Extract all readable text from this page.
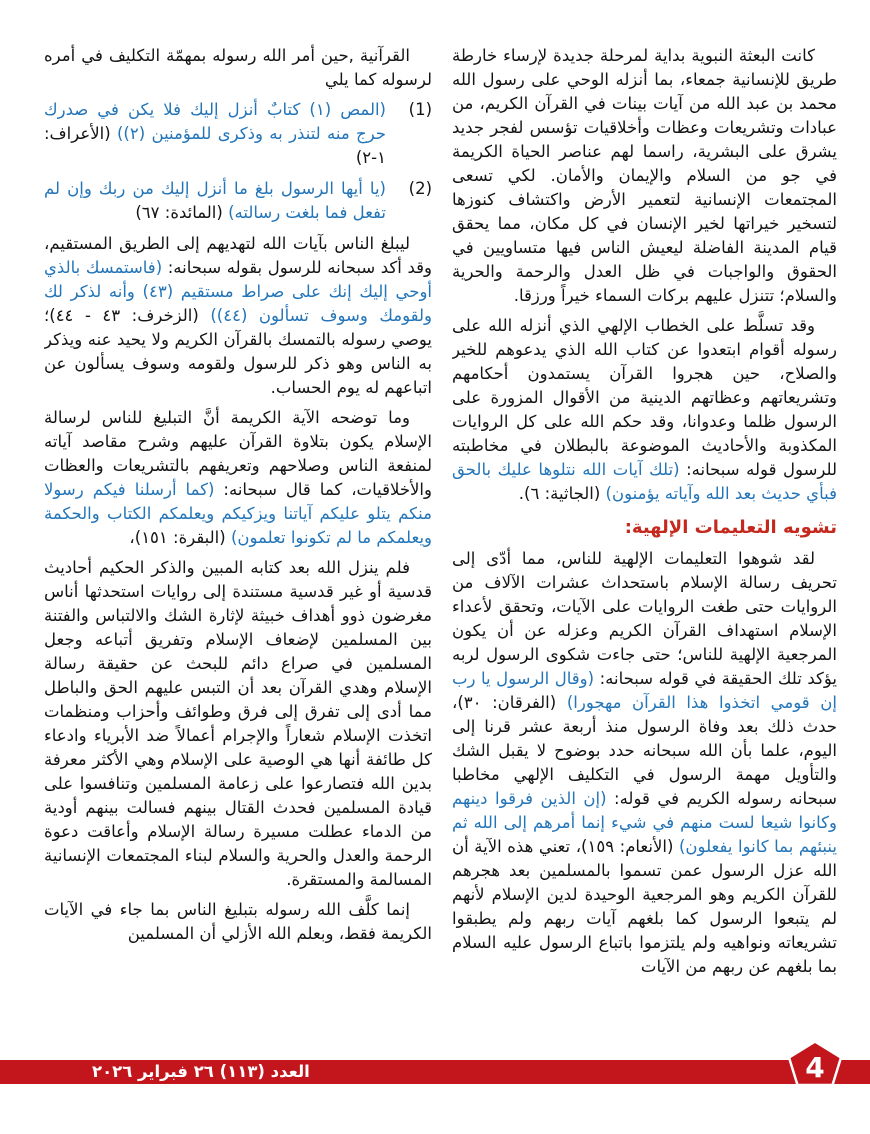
القرآنية ,حين أمر الله رسوله بمهمّة التكليف في أمره لرسوله كما يلي
(1)
(المص (١) كتابٌ أنزل إليك فلا يكن في صدرك حرج منه لتنذر به وذكرى للمؤمنين (٢)) (الأعراف: ١-٢)
(2)
(يا أيها الرسول بلغ ما أنزل إليك من ربك وإن لم تفعل فما بلغت رسالته) (المائدة: ٦٧)
ليبلغ الناس بآيات الله لتهديهم إلى الطريق المستقيم، وقد أكد سبحانه للرسول بقوله سبحانه: (فاستمسك بالذي أوحي إليك إنك على صراط مستقيم (٤٣) وأنه لذكر لك ولقومك وسوف تسألون (٤٤)) (الزخرف: ٤٣ - ٤٤)؛ يوصي رسوله بالتمسك بالقرآن الكريم ولا يحيد عنه ويذكر به الناس وهو ذكر للرسول ولقومه وسوف يسألون عن اتباعهم له يوم الحساب.
وما توضحه الآية الكريمة أنَّ التبليغ للناس لرسالة الإسلام يكون بتلاوة القرآن عليهم وشرح مقاصد آياته لمنفعة الناس وصلاحهم وتعريفهم بالتشريعات والعظات والأخلاقيات، كما قال سبحانه: (كما أرسلنا فيكم رسولا منكم يتلو عليكم آياتنا ويزكيكم ويعلمكم الكتاب والحكمة ويعلمكم ما لم تكونوا تعلمون) (البقرة: ١٥١)،
فلم ينزل الله بعد كتابه المبين والذكر الحكيم أحاديث قدسية أو غير قدسية مستندة إلى روايات استحدثها أناس مغرضون ذوو أهداف خبيثة لإثارة الشك والالتباس والفتنة بين المسلمين لإضعاف الإسلام وتفريق أتباعه وجعل المسلمين في صراع دائم للبحث عن حقيقة رسالة الإسلام وهدي القرآن بعد أن التبس عليهم الحق والباطل مما أدى إلى تفرق إلى فرق وطوائف وأحزاب ومنظمات اتخذت الإسلام شعاراً والإجرام أعمالاً ضد الأبرياء وادعاء كل طائفة أنها هي الوصية على الإسلام وهي الأكثر معرفة بدين الله فتصارعوا على زعامة المسلمين وتنافسوا على قيادة المسلمين فحدث القتال بينهم فسالت بينهم أودية من الدماء عطلت مسيرة رسالة الإسلام وأعاقت دعوة الرحمة والعدل والحرية والسلام لبناء المجتمعات الإنسانية المسالمة والمستقرة.
إنما كلَّف الله رسوله بتبليغ الناس بما جاء في الآيات الكريمة فقط، وبعلم الله الأزلي أن المسلمين
كانت البعثة النبوية بداية لمرحلة جديدة لإرساء خارطة طريق للإنسانية جمعاء، بما أنزله الوحي على رسول الله محمد بن عبد الله من آيات بينات في القرآن الكريم، من عبادات وتشريعات وعظات وأخلاقيات تؤسس لفجر جديد يشرق على البشرية، راسما لهم عناصر الحياة الكريمة في جو من السلام والإيمان والأمان. لكي تسعى المجتمعات الإنسانية لتعمير الأرض واكتشاف كنوزها لتسخير خيراتها لخير الإنسان في كل مكان، مما يحقق قيام المدينة الفاضلة ليعيش الناس فيها متساويين في الحقوق والواجبات في ظل العدل والرحمة والحرية والسلام؛ تتنزل عليهم بركات السماء خيراً ورزقا.
وقد تسلَّط على الخطاب الإلهي الذي أنزله الله على رسوله أقوام ابتعدوا عن كتاب الله الذي يدعوهم للخير والصلاح، حين هجروا القرآن يستمدون أحكامهم وتشريعاتهم وعظاتهم الدينية من الأقوال المزورة على الرسول ظلما وعدوانا، وقد حكم الله على كل الروايات المكذوبة والأحاديث الموضوعة بالبطلان في مخاطبته للرسول قوله سبحانه: (تلك آيات الله نتلوها عليك بالحق فبأي حديث بعد الله وآياته يؤمنون) (الجاثية: ٦).
تشويه التعليمات الإلهية:
لقد شوهوا التعليمات الإلهية للناس، مما أدّى إلى تحريف رسالة الإسلام باستحداث عشرات الآلاف من الروايات حتى طغت الروايات على الآيات، وتحقق لأعداء الإسلام استهداف القرآن الكريم وعزله عن أن يكون المرجعية الإلهية للناس؛ حتى جاءت شكوى الرسول لربه يؤكد تلك الحقيقة في قوله سبحانه: (وقال الرسول يا رب إن قومي اتخذوا هذا القرآن مهجورا) (الفرقان: ٣٠)، حدث ذلك بعد وفاة الرسول منذ أربعة عشر قرنا إلى اليوم، علما بأن الله سبحانه حدد بوضوح لا يقبل الشك والتأويل مهمة الرسول في التكليف الإلهي مخاطبا سبحانه رسوله الكريم في قوله: (إن الذين فرقوا دينهم وكانوا شيعا لست منهم في شيء إنما أمرهم إلى الله ثم ينبئهم بما كانوا يفعلون) (الأنعام: ١٥٩)، تعني هذه الآية أن الله عزل الرسول عمن تسموا بالمسلمين بعد هجرهم للقرآن الكريم وهو المرجعية الوحيدة لدين الإسلام لأنهم لم يتبعوا الرسول كما بلغهم آيات ربهم ولم يطبقوا تشريعاته ونواهيه ولم يلتزموا باتباع الرسول عليه السلام بما بلغهم عن ربهم من الآيات
العدد (١١٣) ٢٦ فبراير ٢٠٢٦	4
